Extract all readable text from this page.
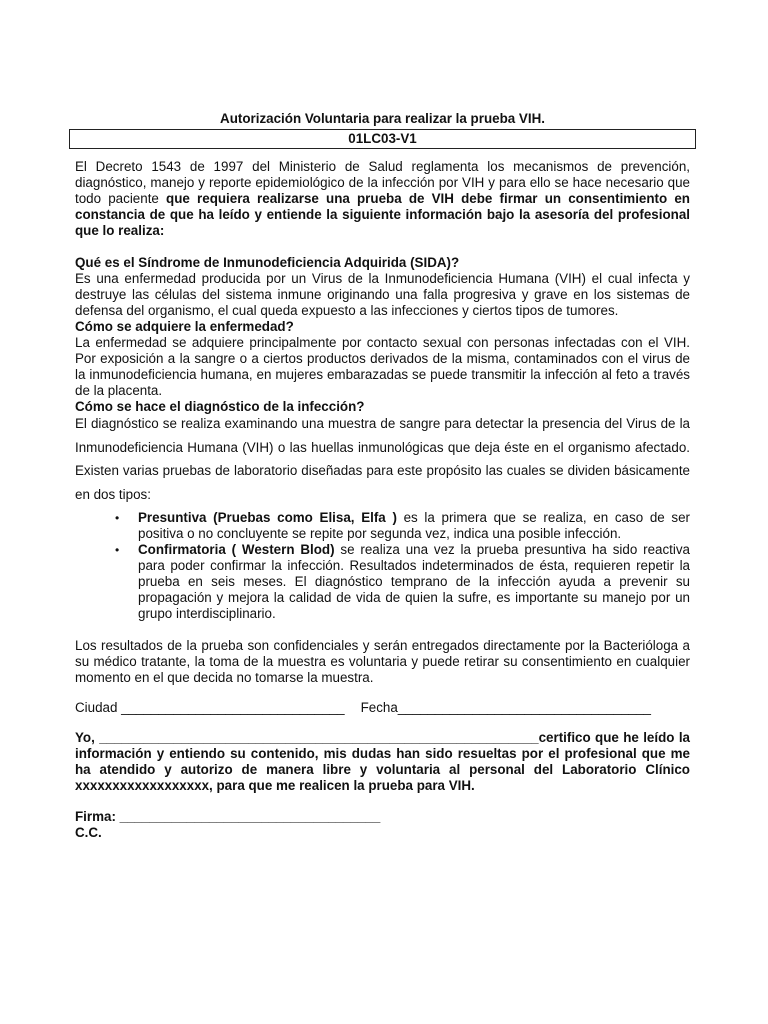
Autorización Voluntaria para realizar la prueba VIH.
01LC03-V1

El Decreto 1543 de 1997 del Ministerio de Salud reglamenta los mecanismos de prevención, diagnóstico, manejo y reporte epidemiológico de la infección por VIH y para ello se hace necesario que todo paciente que requiera realizarse una prueba de VIH debe firmar un consentimiento en constancia de que ha leído y entiende la siguiente información bajo la asesoría del profesional que lo realiza:

Qué es el Síndrome de Inmunodeficiencia Adquirida (SIDA)?

Es una enfermedad producida por un Virus de la Inmunodeficiencia Humana (VIH) el cual infecta y destruye las células del sistema inmune originando una falla progresiva y grave en los sistemas de defensa del organismo, el cual queda expuesto a las infecciones y ciertos tipos de tumores.

Cómo se adquiere la enfermedad?

La enfermedad se adquiere principalmente por contacto sexual con personas infectadas con el VIH. Por exposición a la sangre o a ciertos productos derivados de la misma, contaminados con el virus de la inmunodeficiencia humana, en mujeres embarazadas se puede transmitir la infección al feto a través de la placenta.

Cómo se hace el diagnóstico de la infección?

El diagnóstico se realiza examinando una muestra de sangre para detectar la presencia del Virus de la Inmunodeficiencia Humana (VIH) o las huellas inmunológicas que deja éste en el organismo afectado. Existen varias pruebas de laboratorio diseñadas para este propósito las cuales se dividen básicamente en dos tipos:

• Presuntiva (Pruebas como Elisa, Elfa ) es la primera que se realiza, en caso de ser positiva o no concluyente se repite por segunda vez, indica una posible infección.
• Confirmatoria ( Western Blod) se realiza una vez la prueba presuntiva ha sido reactiva para poder confirmar la infección. Resultados indeterminados de ésta, requieren repetir la prueba en seis meses. El diagnóstico temprano de la infección ayuda a prevenir su propagación y mejora la calidad de vida de quien la sufre, es importante su manejo por un grupo interdisciplinario.

Los resultados de la prueba son confidenciales y serán entregados directamente por la Bacterióloga a su médico tratante, la toma de la muestra es voluntaria y puede retirar su consentimiento en cualquier momento en el que decida no tomarse la muestra.

Ciudad ______________________________ Fecha__________________________________

Yo, ___________________________________________________________certifico que he leído la información y entiendo su contenido, mis dudas han sido resueltas por el profesional que me ha atendido y autorizo de manera libre y voluntaria al personal del Laboratorio Clínico xxxxxxxxxxxxxxxxxx, para que me realicen la prueba para VIH.

Firma: ___________________________________
C.C.
